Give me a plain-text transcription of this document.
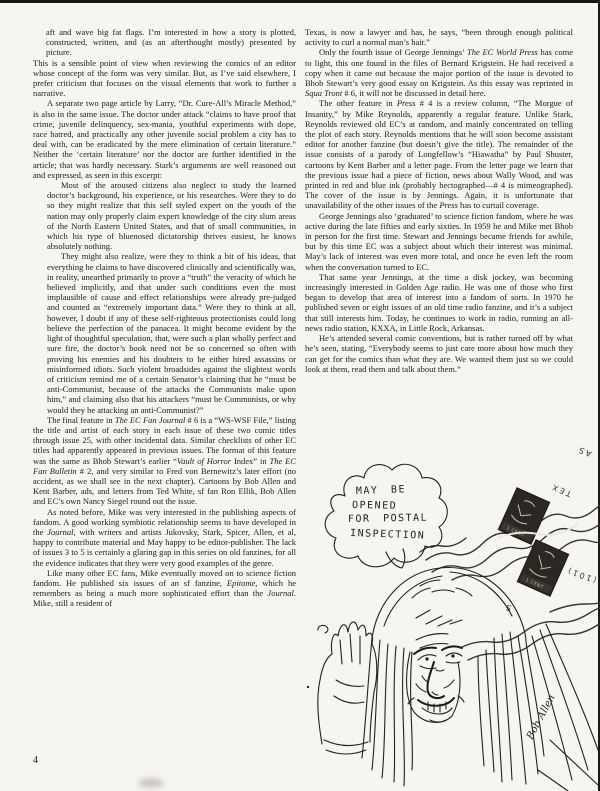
aft and wave big fat flags. I’m interested in how a story is plotted, constructed, written, and (as an afterthought mostly) presented by picture.

This is a sensible point of view when reviewing the comics of an editor whose concept of the form was very similar. But, as I’ve said elsewhere, I prefer criticism that focuses on the visual elements that work to further a narrative.

A separate two page article by Larry, “Dr. Cure-All’s Miracle Method,” is also in the same issue. The doctor under attack “claims to have proof that crime, juvenile delinquency, sex-mania, youthful experiments with dope, race hatred, and practically any other juvenile social problem a city has to deal with, can be eradicated by the mere elimination of certain literature.” Neither the ‘certain literature’ nor the doctor are further identified in the article; that was hardly necessary. Stark’s arguments are well reasoned out and expressed, as seen in this excerpt:

Most of the aroused citizens also neglect to study the learned doctor’s background, his experience, or his researches. Were they to do so they might realize that this self styled expert on the youth of the nation may only properly claim expert knowledge of the city slum areas of the North Eastern United States, and that of small communities, in which his type of bluenosed dictatorship thrives easiest, he knows absolutely nothing.

They might also realize, were they to think a bit of his ideas, that everything he claims to have discovered clinically and scientifically was, in reality, unearthed primarily to prove a “truth” the veracity of which he believed implicitly, and that under such conditions even the most implausible of cause and effect relationships were already pre-judged and counted as “extremely important data.” Were they to think at all, however, I doubt if any of these self-righteous protectionists could long believe the perfection of the panacea. It might become evident by the light of thoughtful speculation, that, were such a plan wholly perfect and sure fire, the doctor’s book need not be so concerned so often with proving his enemies and his doubters to be either hired assassins or misinformed idiots. Such violent broadsides against the slightest words of criticism remind me of a certain Senator’s claiming that he “must be anti-Communist, because of the attacks the Communists make upon him,” and claiming also that his attackers “must be Communists, or why would they be attacking an anti-Communist?”

The final feature in The EC Fan Journal # 6 is a “WS-WSF File,” listing the title and artist of each story in each issue of these two comic titles through issue 25, with other incidental data. Similar checklists of other EC titles had apparently appeared in previous issues. The format of this feature was the same as Bhob Stewart’s earlier “Vault of Horror Index” in The EC Fan Bulletin # 2, and very similar to Fred von Bernewitz’s later effort (no accident, as we shall see in the next chapter). Cartoons by Bob Allen and Kent Barber, ads, and letters from Ted White, sf fan Ron Ellik, Bob Allen and EC’s own Nancy Siegel round out the issue.

As noted before, Mike was very interested in the publishing aspects of fandom. A good working symbiotic relationship seems to have developed in the Journal, with writers and artists Jukovsky, Stark, Spicer, Allen, et al, happy to contribute material and May happy to be editor-publisher. The lack of issues 3 to 5 is certainly a glaring gap in this series on old fanzines, for all the evidence indicates that they were very good examples of the genre.

Like many other EC fans, Mike eventually moved on to science fiction fandom. He published six issues of an sf fanzine, Epitome, which he remembers as being a much more sophisticated effort than the Journal. Mike, still a resident of

Texas, is now a lawyer and has, he says, “been through enough political activity to curl a normal man’s hair.”

Only the fourth issue of George Jennings’ The EC World Press has come to light, this one found in the files of Bernard Krigstein. He had received a copy when it came out because the major portion of the issue is devoted to Bhob Stewart’s very good essay on Krigstein. As this essay was reprinted in Squa Tront # 6, it will not be discussed in detail here.

The other feature in Press # 4 is a review column, “The Morgue of Insanity,” by Mike Reynolds, apparently a regular feature. Unlike Stark, Reynolds reviewed old EC’s at random, and mainly concentrated on telling the plot of each story. Reynolds mentions that he will soon become assistant editor for another fanzine (but doesn’t give the title). The remainder of the issue consists of a parody of Longfellow’s “Hiawatha” by Paul Shuster, cartoons by Kent Barber and a letter page. From the letter page we learn that the previous issue had a piece of fiction, news about Wally Wood, and was printed in red and blue ink (probably hectographed—# 4 is mimeographed). The cover of the issue is by Jennings. Again, it is unfortunate that unavailability of the other issues of the Press has to curtail coverage.

George Jennings also ‘graduated’ to science fiction fandom, where he was active during the late fifties and early sixties. In 1959 he and Mike met Bhob in person for the first time. Stewart and Jennings became friends for awhile, but by this time EC was a subject about which their interest was minimal. May’s lack of interest was even more total, and once he even left the room when the conversation turned to EC.

That same year Jennings, at the time a disk jockey, was becoming increasingly interested in Golden Age radio. He was one of those who first began to develop that area of interest into a fandom of sorts. In 1970 he published seven or eight issues of an old time radio fanzine, and it’s a subject that still interests him. Today, he continues to work in radio, running an all-news radio station, KXXA, in Little Rock, Arkansas.

He’s attended several comic conventions, but is rather turned off by what he’s seen, stating, “Everybody seems to just care more about how much they can get for the comics than what they are. We wanted them just so we could look at them, read them and talk about them.”

4
1 CENT
1 CENT
AS
TEX
(101)
S
MAY BE
OPENED
FOR POSTAL
INSPECTION
Bob Allen
